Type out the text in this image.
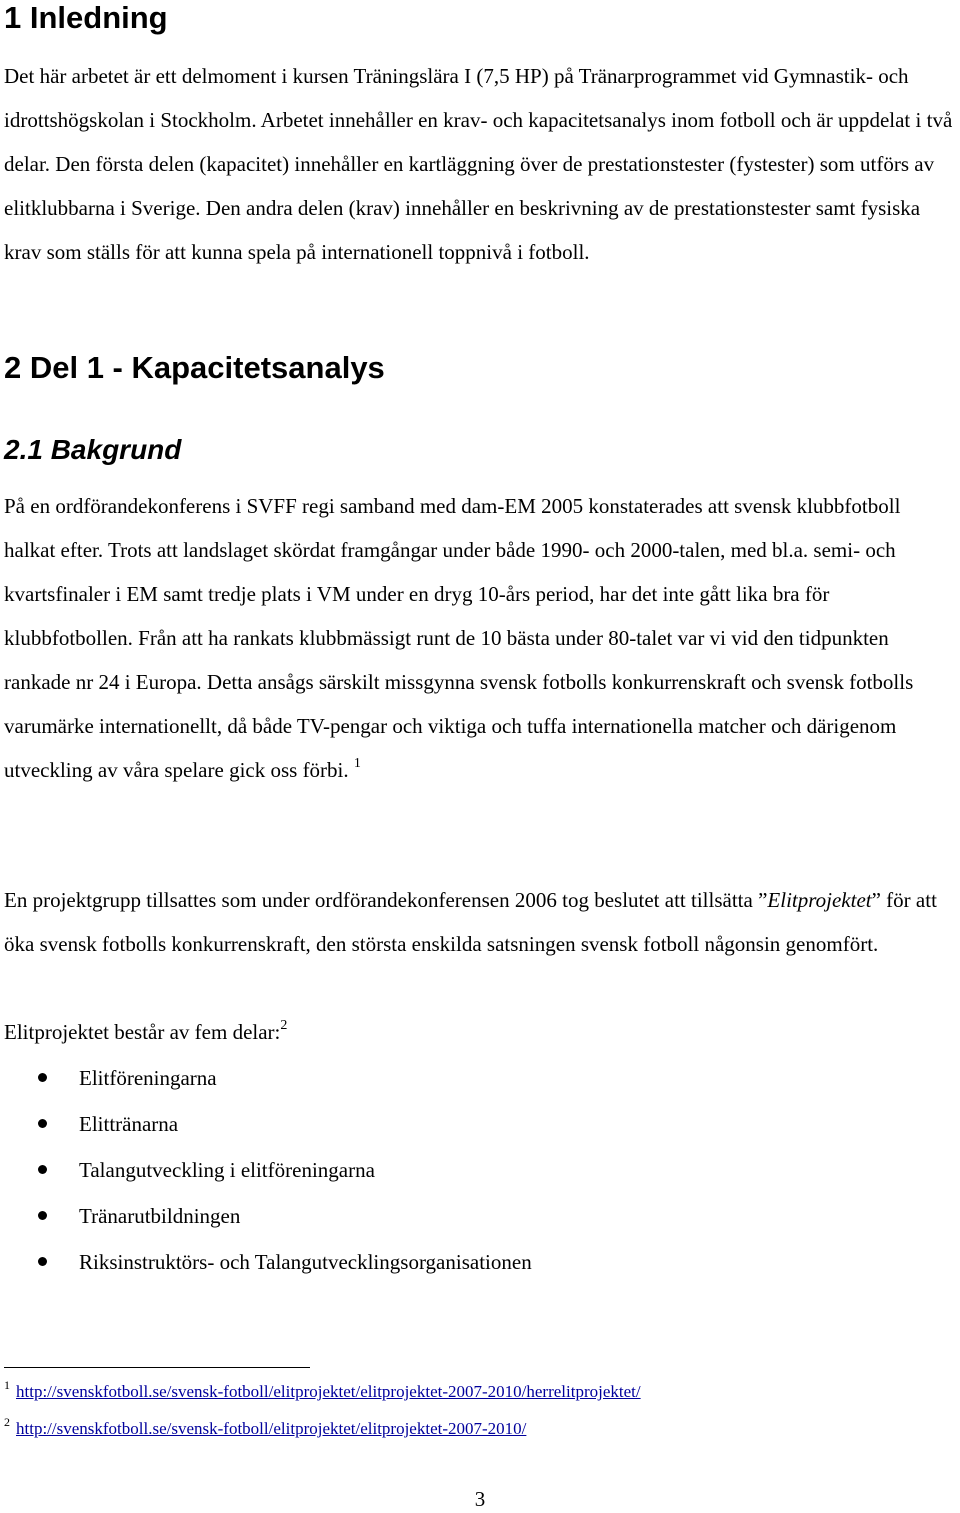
1 Inledning

Det här arbetet är ett delmoment i kursen Träningslära I (7,5 HP) på Tränarprogrammet vid Gymnastik- och idrottshögskolan i Stockholm. Arbetet innehåller en krav- och kapacitetsanalys inom fotboll och är uppdelat i två delar. Den första delen (kapacitet) innehåller en kartläggning över de prestationstester (fystester) som utförs av elitklubbarna i Sverige. Den andra delen (krav) innehåller en beskrivning av de prestationstester samt fysiska krav som ställs för att kunna spela på internationell toppnivå i fotboll.

2 Del 1 - Kapacitetsanalys
2.1 Bakgrund

På en ordförandekonferens i SVFF regi samband med dam-EM 2005 konstaterades att svensk klubbfotboll halkat efter. Trots att landslaget skördat framgångar under både 1990- och 2000-talen, med bl.a. semi- och kvartsfinaler i EM samt tredje plats i VM under en dryg 10-års period, har det inte gått lika bra för klubbfotbollen. Från att ha rankats klubbmässigt runt de 10 bästa under 80-talet var vi vid den tidpunkten rankade nr 24 i Europa. Detta ansågs särskilt missgynna svensk fotbolls konkurrenskraft och svensk fotbolls varumärke internationellt, då både TV-pengar och viktiga och tuffa internationella matcher och därigenom utveckling av våra spelare gick oss förbi. $^1$

En projektgrupp tillsattes som under ordförandekonferensen 2006 tog beslutet att tillsätta ”Elitprojektet” för att öka svensk fotbolls konkurrenskraft, den största enskilda satsningen svensk fotboll någonsin genomfört.

Elitprojektet består av fem delar:$^2$

Elitföreningarna
Elittränarna
Talangutveckling i elitföreningarna
Tränarutbildningen
Riksinstruktörs- och Talangutvecklingsorganisationen
$^1$ http://svenskfotboll.se/svensk-fotboll/elitprojektet/elitprojektet-2007-2010/herrelitprojektet/
$^2$ http://svenskfotboll.se/svensk-fotboll/elitprojektet/elitprojektet-2007-2010/
3
